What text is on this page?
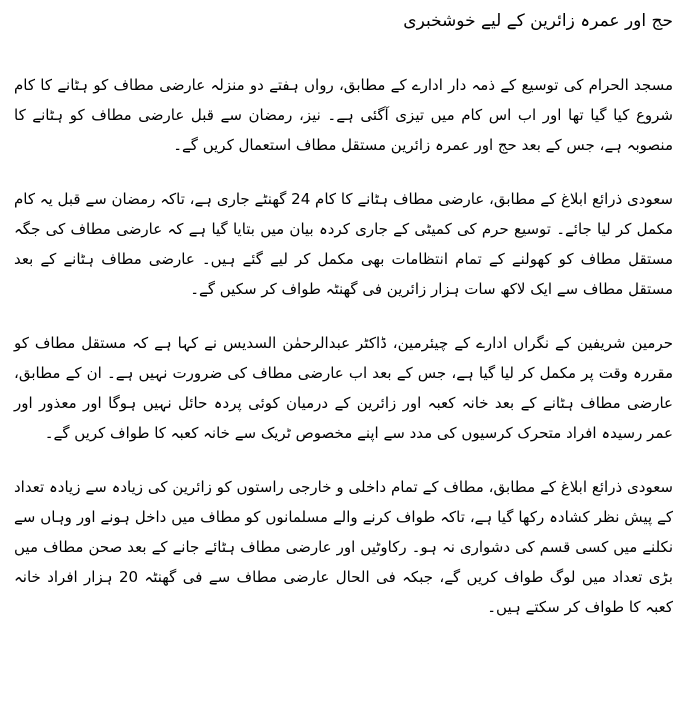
حج اور عمرہ زائرین کے لیے خوشخبری

مسجد الحرام کی توسیع کے ذمہ دار ادارے کے مطابق، رواں ہفتے دو منزلہ عارضی مطاف کو ہٹانے کا کام شروع کیا گیا تھا اور اب اس کام میں تیزی آگئی ہے۔ نیز، رمضان سے قبل عارضی مطاف کو ہٹانے کا منصوبہ ہے، جس کے بعد حج اور عمرہ زائرین مستقل مطاف استعمال کریں گے۔

سعودی ذرائع ابلاغ کے مطابق، عارضی مطاف ہٹانے کا کام 24 گھنٹے جاری ہے، تاکہ رمضان سے قبل یہ کام مکمل کر لیا جائے۔ توسیع حرم کی کمیٹی کے جاری کردہ بیان میں بتایا گیا ہے کہ عارضی مطاف کی جگہ مستقل مطاف کو کھولنے کے تمام انتظامات بھی مکمل کر لیے گئے ہیں۔ عارضی مطاف ہٹانے کے بعد مستقل مطاف سے ایک لاکھ سات ہزار زائرین فی گھنٹہ طواف کر سکیں گے۔

حرمین شریفین کے نگراں ادارے کے چیئرمین، ڈاکٹر عبدالرحمٰن السدیس نے کہا ہے کہ مستقل مطاف کو مقررہ وقت پر مکمل کر لیا گیا ہے، جس کے بعد اب عارضی مطاف کی ضرورت نہیں ہے۔ ان کے مطابق، عارضی مطاف ہٹانے کے بعد خانہ کعبہ اور زائرین کے درمیان کوئی پردہ حائل نہیں ہوگا اور معذور اور عمر رسیدہ افراد متحرک کرسیوں کی مدد سے اپنے مخصوص ٹریک سے خانہ کعبہ کا طواف کریں گے۔

سعودی ذرائع ابلاغ کے مطابق، مطاف کے تمام داخلی و خارجی راستوں کو زائرین کی زیادہ سے زیادہ تعداد کے پیش نظر کشادہ رکھا گیا ہے، تاکہ طواف کرنے والے مسلمانوں کو مطاف میں داخل ہونے اور وہاں سے نکلنے میں کسی قسم کی دشواری نہ ہو۔ رکاوٹیں اور عارضی مطاف ہٹائے جانے کے بعد صحن مطاف میں بڑی تعداد میں لوگ طواف کریں گے، جبکہ فی الحال عارضی مطاف سے فی گھنٹہ 20 ہزار افراد خانہ کعبہ کا طواف کر سکتے ہیں۔
